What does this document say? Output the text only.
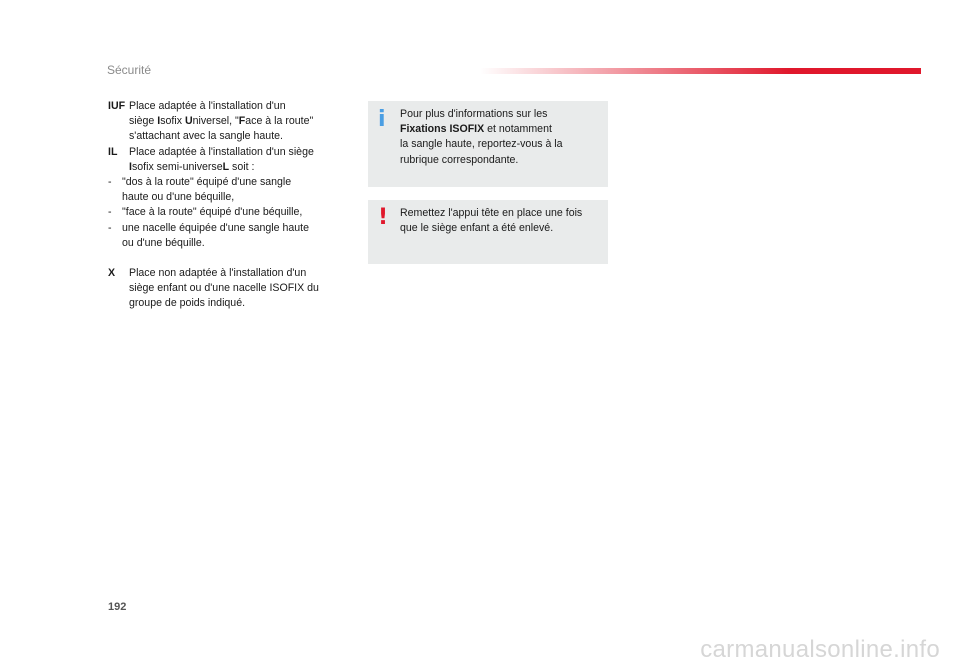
Sécurité
IUF Place adaptée à l'installation d'un
siège Isofix Universel, "Face à la route"
s'attachant avec la sangle haute.
IL Place adaptée à l'installation d'un siège
Isofix semi-universeL soit :
- "dos à la route" équipé d'une sangle
haute ou d'une béquille,
- "face à la route" équipé d'une béquille,
- une nacelle équipée d'une sangle haute
ou d'une béquille.
X Place non adaptée à l'installation d'un
siège enfant ou d'une nacelle ISOFIX du
groupe de poids indiqué.
i Pour plus d'informations sur les
Fixations ISOFIX et notamment
la sangle haute, reportez-vous à la
rubrique correspondante.
! Remettez l'appui tête en place une fois
que le siège enfant a été enlevé.
192
carmanualsonline.info
